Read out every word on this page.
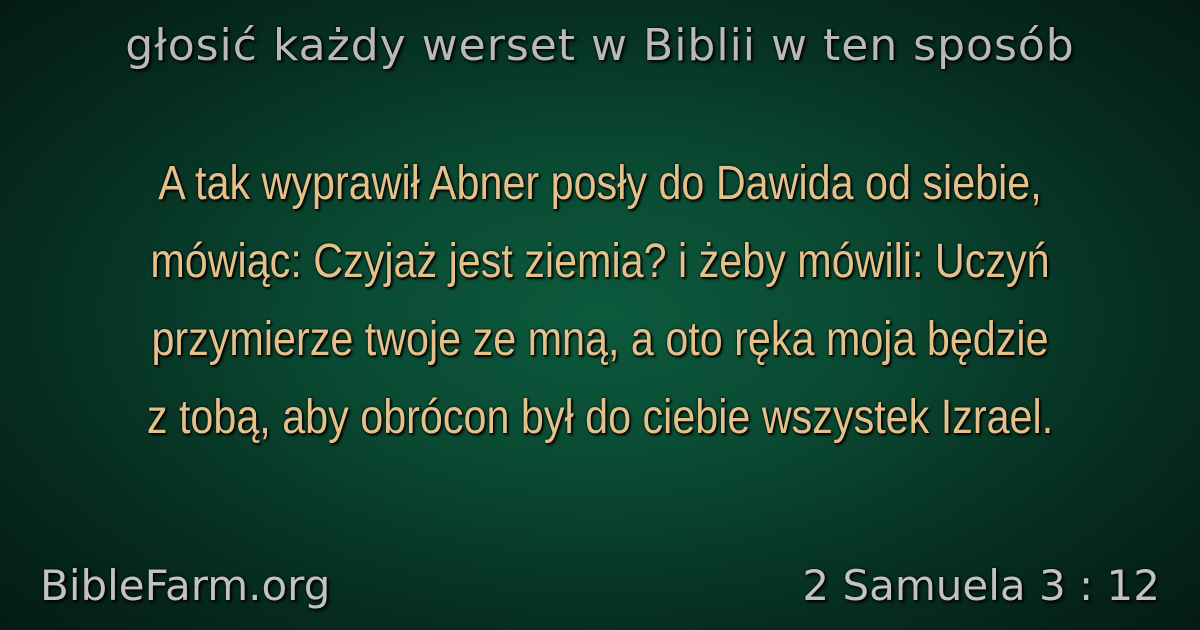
głosić każdy werset w Biblii w ten sposób
A tak wyprawił Abner posły do Dawida od siebie,
mówiąc: Czyjaż jest ziemia? i żeby mówili: Uczyń
przymierze twoje ze mną, a oto ręka moja będzie
z tobą, aby obrócon był do ciebie wszystek Izrael.
BibleFarm.org	2 Samuela 3 : 12
